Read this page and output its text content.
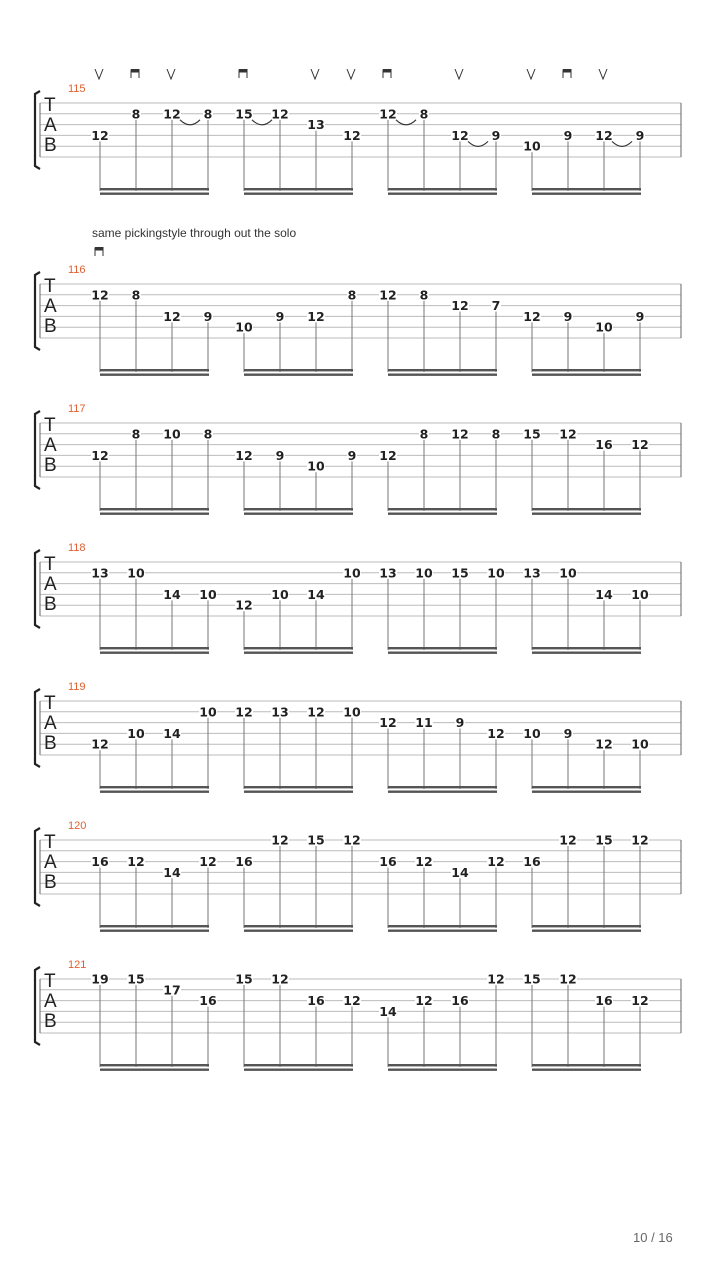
T
A
B
115
12
8 12 8 15 12
13
12
12 8
12 9
10
9 12 9
T
A
B
116
12 8
12 9
10
9 12
8 12 8
12 7
12 9
10
9
T
A
B
117
12
8 10 8
12 9
10
9 12
8 12 8 15 12
16 12
T
A
B
118
13 10
14 10
12
10 14
10 13 10 15 10 13 10
14 10
T
A
B
119
12
10 14
10 12 13 12 10
12 11 9
12 10 9
12 10
T
A
B
120
16 12
14
12 16
12 15 12
16 12
14
12 16
12 15 12
T
A
B
121
19 15
17
16
15 12
16 12
14
12 16
12 15 12
16 12
same pickingstyle through out the solo
10 / 16
